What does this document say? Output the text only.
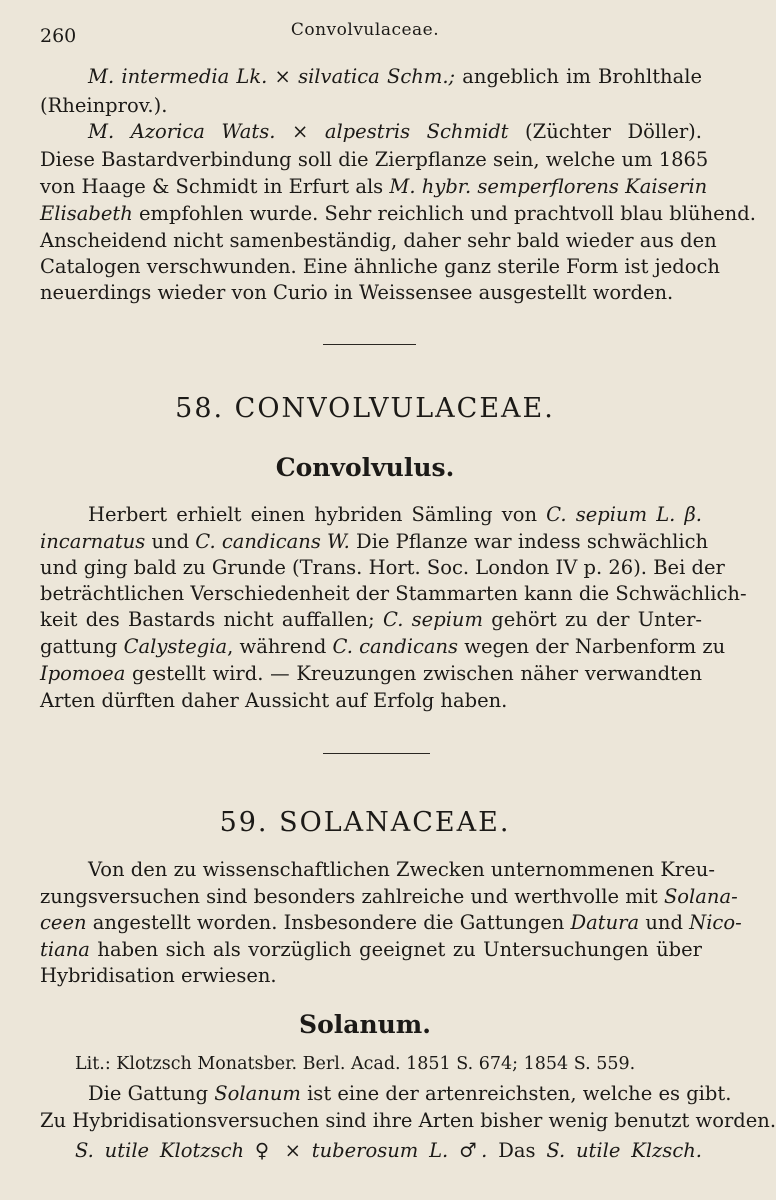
260	Convolvulaceae.
M. intermedia Lk. × silvatica Schm.; angeblich im Brohlthale
(Rheinprov.).
M. Azorica Wats. × alpestris Schmidt (Züchter Döller).
Diese Bastardverbindung soll die Zierpflanze sein, welche um 1865
von Haage & Schmidt in Erfurt als M. hybr. semperflorens Kaiserin
Elisabeth empfohlen wurde. Sehr reichlich und prachtvoll blau blühend.
Anscheidend nicht samenbeständig, daher sehr bald wieder aus den
Catalogen verschwunden. Eine ähnliche ganz sterile Form ist jedoch
neuerdings wieder von Curio in Weissensee ausgestellt worden.
58. CONVOLVULACEAE.
Convolvulus.
Herbert erhielt einen hybriden Sämling von C. sepium L. β.
incarnatus und C. candicans W. Die Pflanze war indess schwächlich
und ging bald zu Grunde (Trans. Hort. Soc. London IV p. 26). Bei der
beträchtlichen Verschiedenheit der Stammarten kann die Schwächlich-
keit des Bastards nicht auffallen; C. sepium gehört zu der Unter-
gattung Calystegia, während C. candicans wegen der Narbenform zu
Ipomoea gestellt wird. — Kreuzungen zwischen näher verwandten
Arten dürften daher Aussicht auf Erfolg haben.
59. SOLANACEAE.
Von den zu wissenschaftlichen Zwecken unternommenen Kreu-
zungsversuchen sind besonders zahlreiche und werthvolle mit Solana-
ceen angestellt worden. Insbesondere die Gattungen Datura und Nico-
tiana haben sich als vorzüglich geeignet zu Untersuchungen über
Hybridisation erwiesen.
Solanum.
Lit.: Klotzsch Monatsber. Berl. Acad. 1851 S. 674; 1854 S. 559.
Die Gattung Solanum ist eine der artenreichsten, welche es gibt.
Zu Hybridisationsversuchen sind ihre Arten bisher wenig benutzt worden.
S. utile Klotzsch ♀ × tuberosum L. ♂. Das S. utile Klzsch.
